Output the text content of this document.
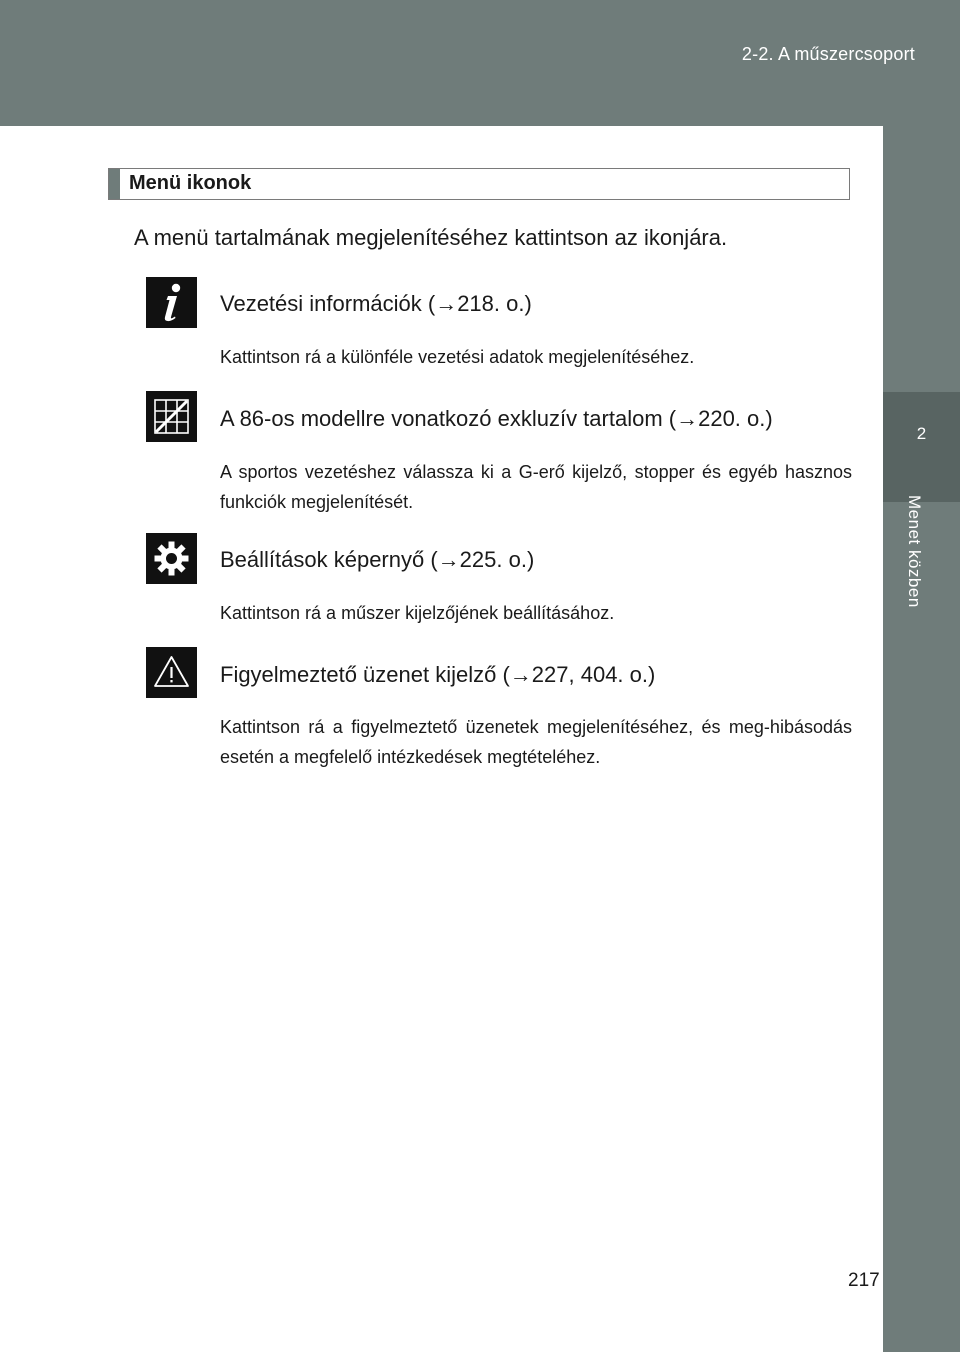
2-2. A műszercsoport
2
Menet közben
Menü ikonok
A menü tartalmának megjelenítéséhez kattintson az ikonjára.
Vezetési információk (→218. o.)
Kattintson rá a különféle vezetési adatok megjelenítéséhez.
A 86-os modellre vonatkozó exkluzív tartalom (→220. o.)
A sportos vezetéshez válassza ki a G-erő kijelző, stopper és egyéb hasznos funkciók megjelenítését.
Beállítások képernyő (→225. o.)
Kattintson rá a műszer kijelzőjének beállításához.
Figyelmeztető üzenet kijelző (→227, 404. o.)
Kattintson rá a figyelmeztető üzenetek megjelenítéséhez, és meg-hibásodás esetén a megfelelő intézkedések megtételéhez.
217
